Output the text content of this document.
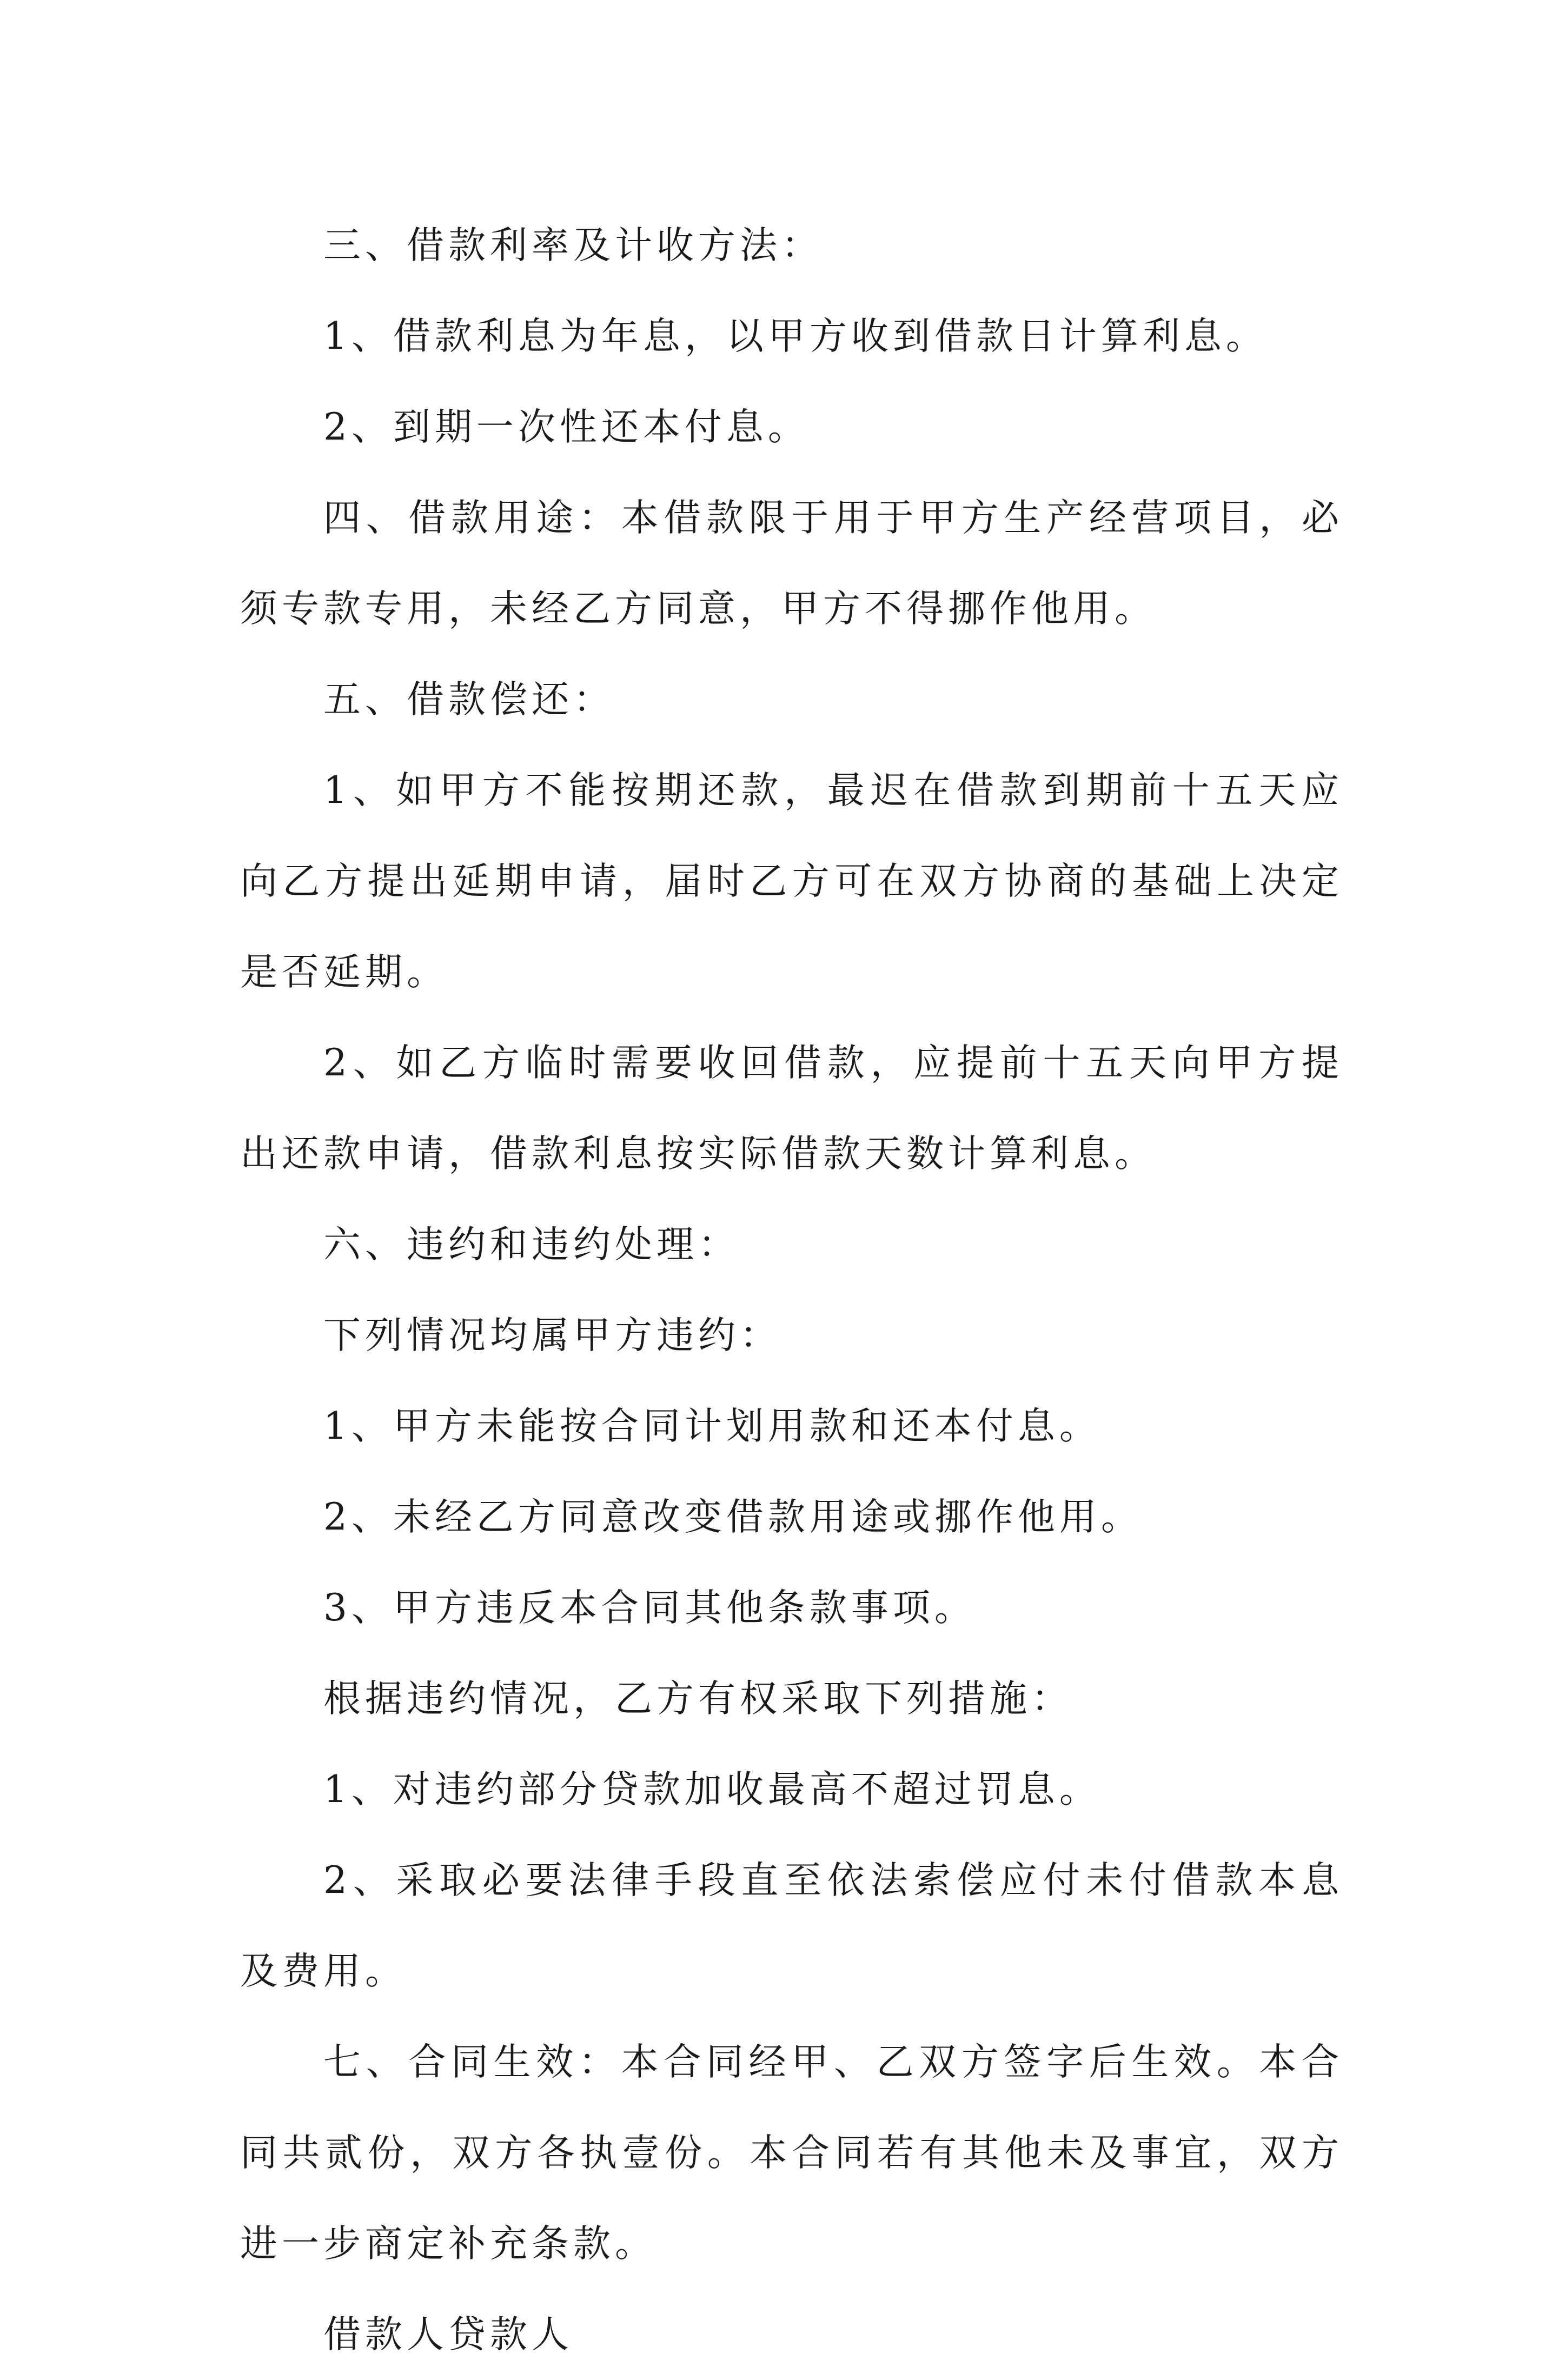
三、借款利率及计收方法：

1、借款利息为年息，以甲方收到借款日计算利息。

2、到期一次性还本付息。

四、借款用途：本借款限于用于甲方生产经营项目，必须专款专用，未经乙方同意，甲方不得挪作他用。

五、借款偿还：

1、如甲方不能按期还款，最迟在借款到期前十五天应向乙方提出延期申请，届时乙方可在双方协商的基础上决定是否延期。

2、如乙方临时需要收回借款，应提前十五天向甲方提出还款申请，借款利息按实际借款天数计算利息。

六、违约和违约处理：

下列情况均属甲方违约：

1、甲方未能按合同计划用款和还本付息。

2、未经乙方同意改变借款用途或挪作他用。

3、甲方违反本合同其他条款事项。

根据违约情况，乙方有权采取下列措施：

1、对违约部分贷款加收最高不超过罚息。

2、采取必要法律手段直至依法索偿应付未付借款本息及费用。

七、合同生效：本合同经甲、乙双方签字后生效。本合同共贰份，双方各执壹份。本合同若有其他未及事宜，双方进一步商定补充条款。

借款人贷款人
